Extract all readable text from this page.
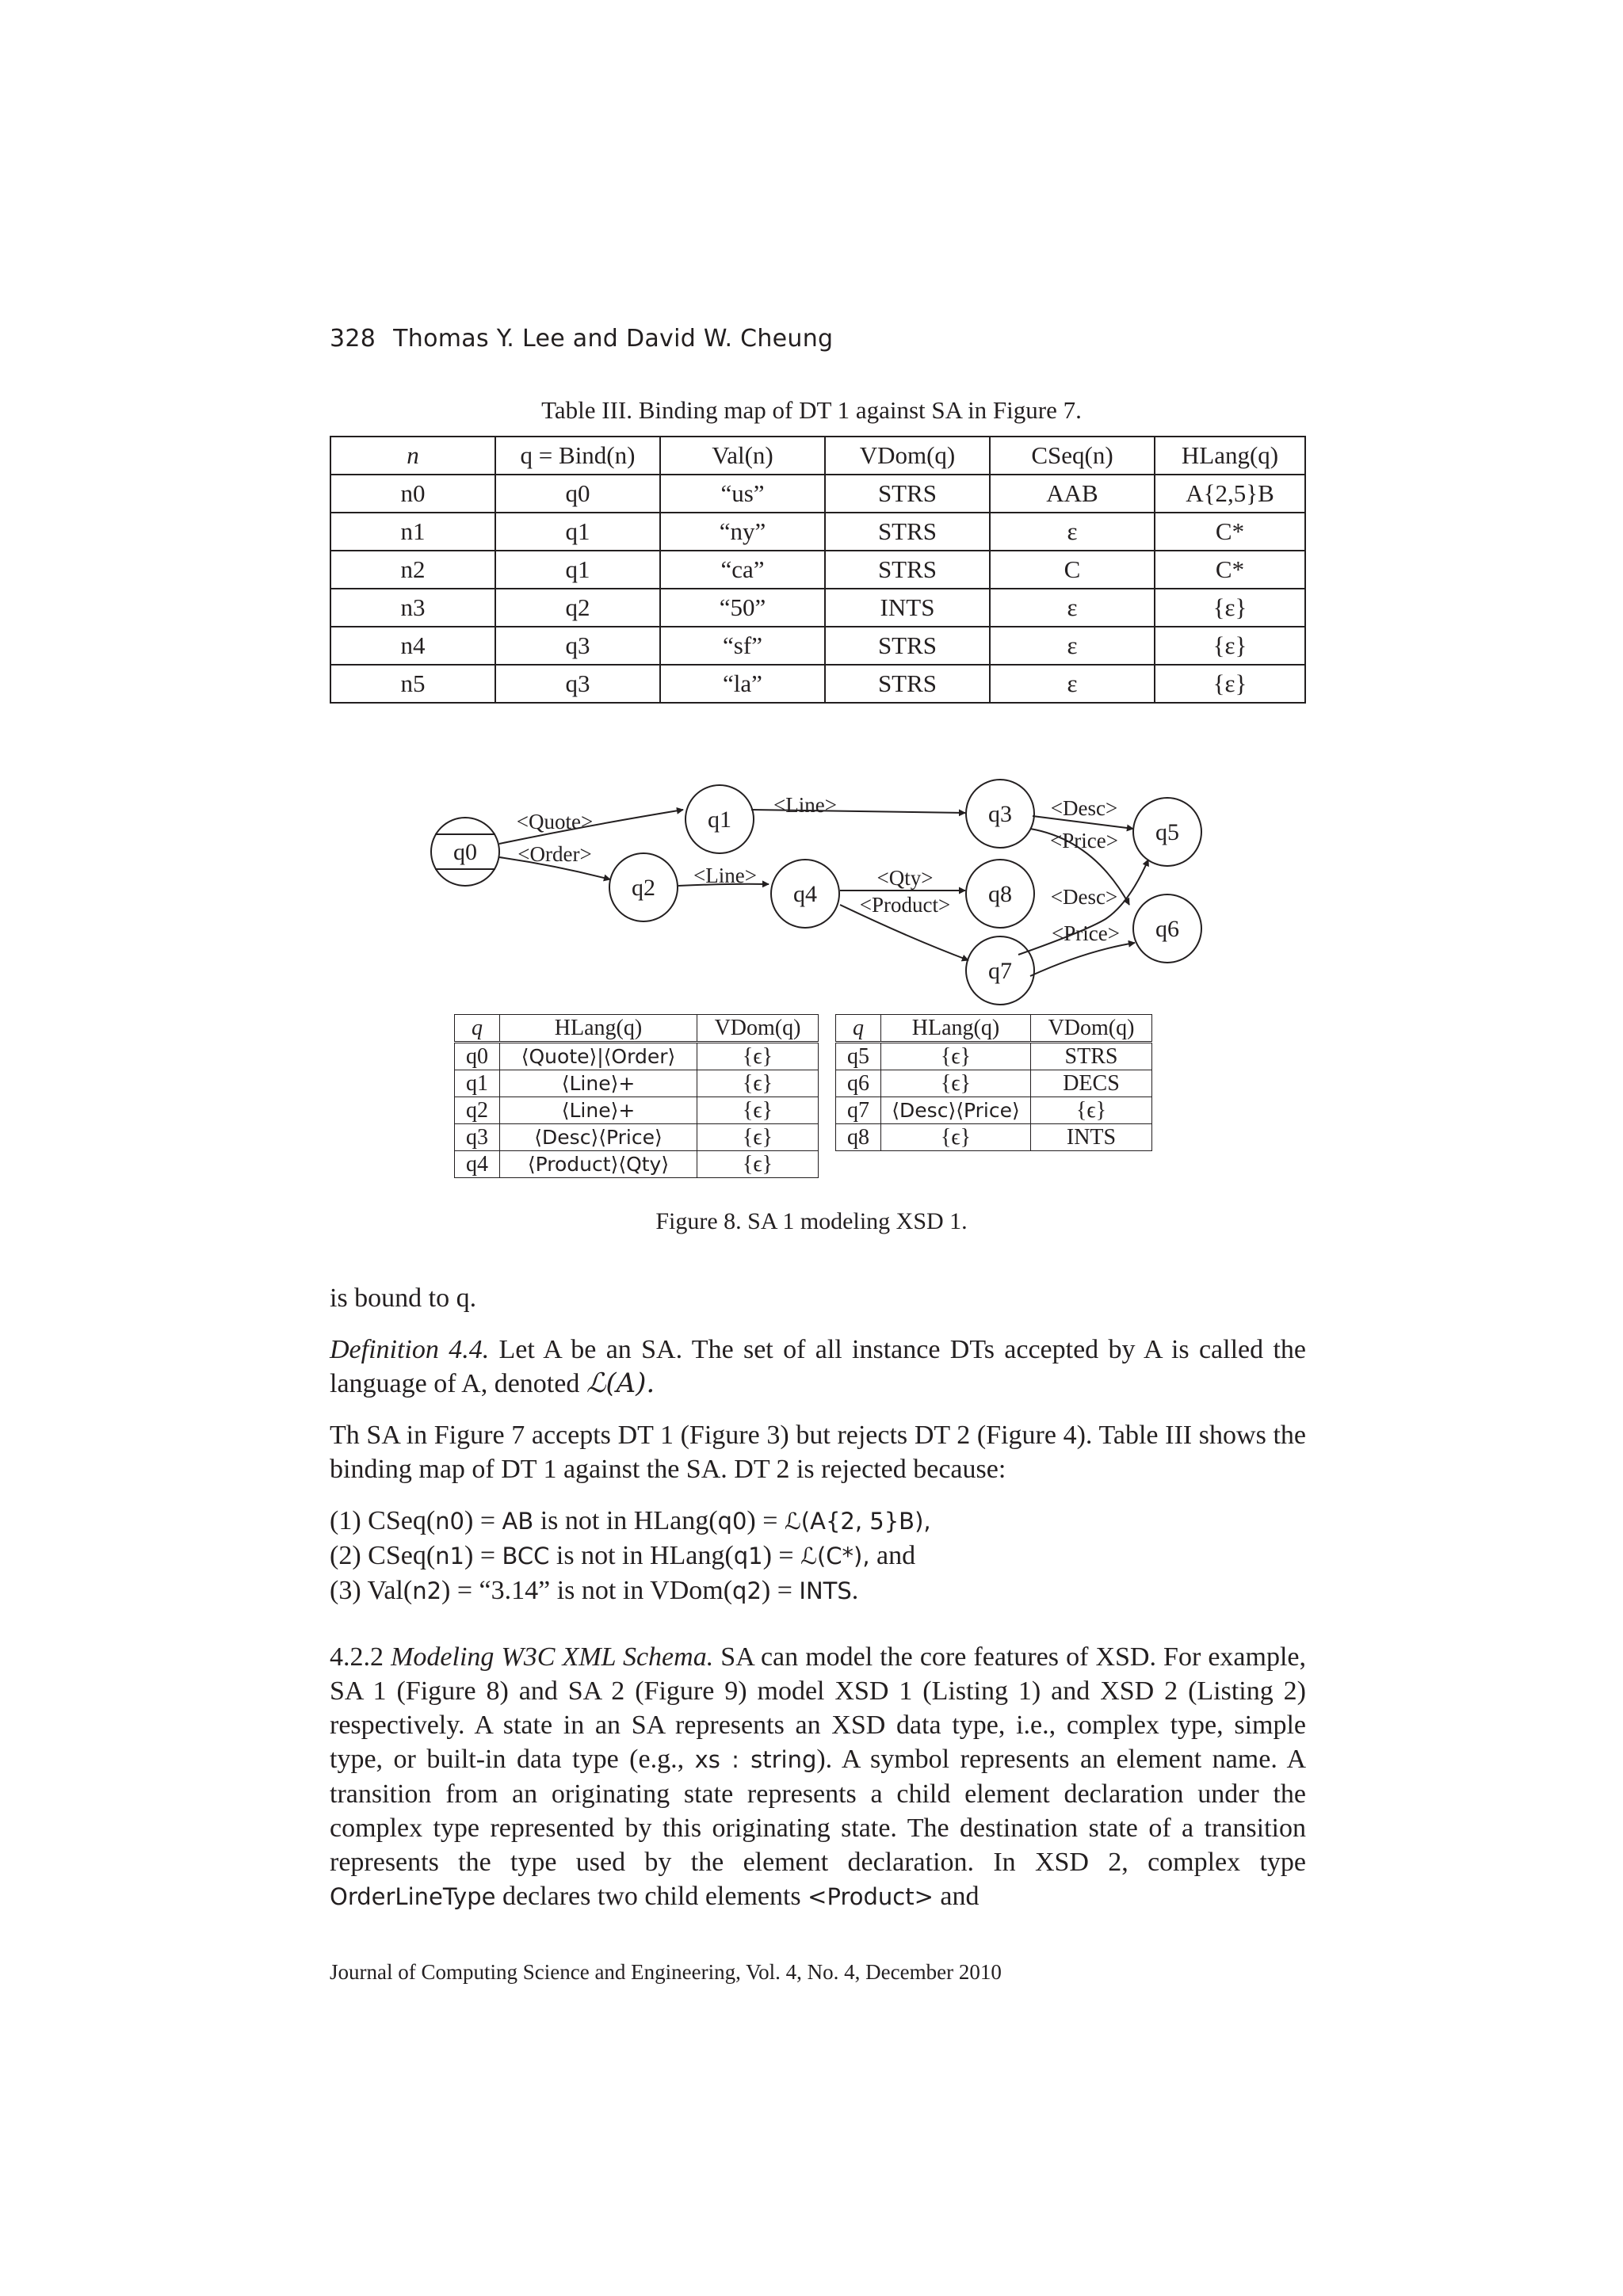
328 Thomas Y. Lee and David W. Cheung
Table III. Binding map of DT 1 against SA in Figure 7.
n	q = Bind(n)	Val(n)	VDom(q)	CSeq(n)	HLang(q)
n0	q0	“us”	STRS	AAB	A{2,5}B
n1	q1	“ny”	STRS	ε	C*
n2	q1	“ca”	STRS	C	C*
n3	q2	“50”	INTS	ε	{ε}
n4	q3	“sf”	STRS	ε	{ε}
n5	q3	“la”	STRS	ε	{ε}
q0
q1
q2
q3
q4
q5
q6
q7
q8
<Quote>
<Order>
<Line>
<Line>	<Qty>
<Product>
<Desc>
<Price>
<Desc>
<Price>
q	HLang(q)	VDom(q)
q0	⟨Quote⟩|⟨Order⟩	{ϵ}
q1	⟨Line⟩+	{ϵ}
q2	⟨Line⟩+	{ϵ}
q3	⟨Desc⟩⟨Price⟩	{ϵ}
q4	⟨Product⟩⟨Qty⟩	{ϵ}
q	HLang(q)	VDom(q)
q5	{ϵ}	STRS
q6	{ϵ}	DECS
q7	⟨Desc⟩⟨Price⟩	{ϵ}
q8	{ϵ}	INTS
Figure 8. SA 1 modeling XSD 1.

is bound to q.

Definition 4.4. Let A be an SA. The set of all instance DTs accepted by A is called the language of A, denoted ℒ(A).

Th SA in Figure 7 accepts DT 1 (Figure 3) but rejects DT 2 (Figure 4). Table III shows the binding map of DT 1 against the SA. DT 2 is rejected because:

(1) CSeq(n0) = AB is not in HLang(q0) = ℒ(A{2, 5}B),
(2) CSeq(n1) = BCC is not in HLang(q1) = ℒ(C*), and
(3) Val(n2) = “3.14” is not in VDom(q2) = INTS.

4.2.2 Modeling W3C XML Schema. SA can model the core features of XSD. For example, SA 1 (Figure 8) and SA 2 (Figure 9) model XSD 1 (Listing 1) and XSD 2 (Listing 2) respectively. A state in an SA represents an XSD data type, i.e., complex type, simple type, or built-in data type (e.g., xs : string). A symbol represents an element name. A transition from an originating state represents a child element declaration under the complex type represented by this originating state. The destination state of a transition represents the type used by the element declaration. In XSD 2, complex type OrderLineType declares two child elements <Product> and

Journal of Computing Science and Engineering, Vol. 4, No. 4, December 2010
